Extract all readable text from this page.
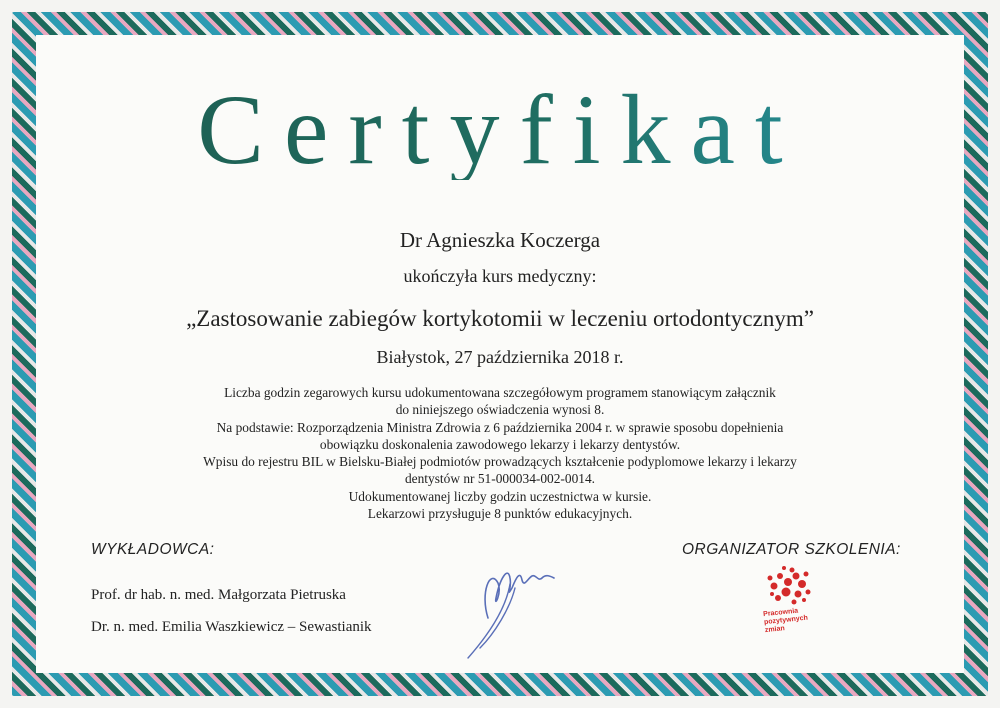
Certyfikat
Dr Agnieszka Koczerga
ukończyła kurs medyczny:
„Zastosowanie zabiegów kortykotomii w leczeniu ortodontycznym”
Białystok, 27 października 2018 r.
Liczba godzin zegarowych kursu udokumentowana szczegółowym programem stanowiącym załącznik
do niniejszego oświadczenia wynosi 8.
Na podstawie: Rozporządzenia Ministra Zdrowia z 6 października 2004 r. w sprawie sposobu dopełnienia
obowiązku doskonalenia zawodowego lekarzy i lekarzy dentystów.
Wpisu do rejestru BIL w Bielsku-Białej podmiotów prowadzących kształcenie podyplomowe lekarzy i lekarzy
dentystów nr 51-000034-002-0014.
Udokumentowanej liczby godzin uczestnictwa w kursie.
Lekarzowi przysługuje 8 punktów edukacyjnych.
WYKŁADOWCA:	ORGANIZATOR SZKOLENIA:
Prof. dr hab. n. med. Małgorzata Pietruska
Dr. n. med. Emilia Waszkiewicz – Sewastianik
Pracownia pozytywnych zmian
